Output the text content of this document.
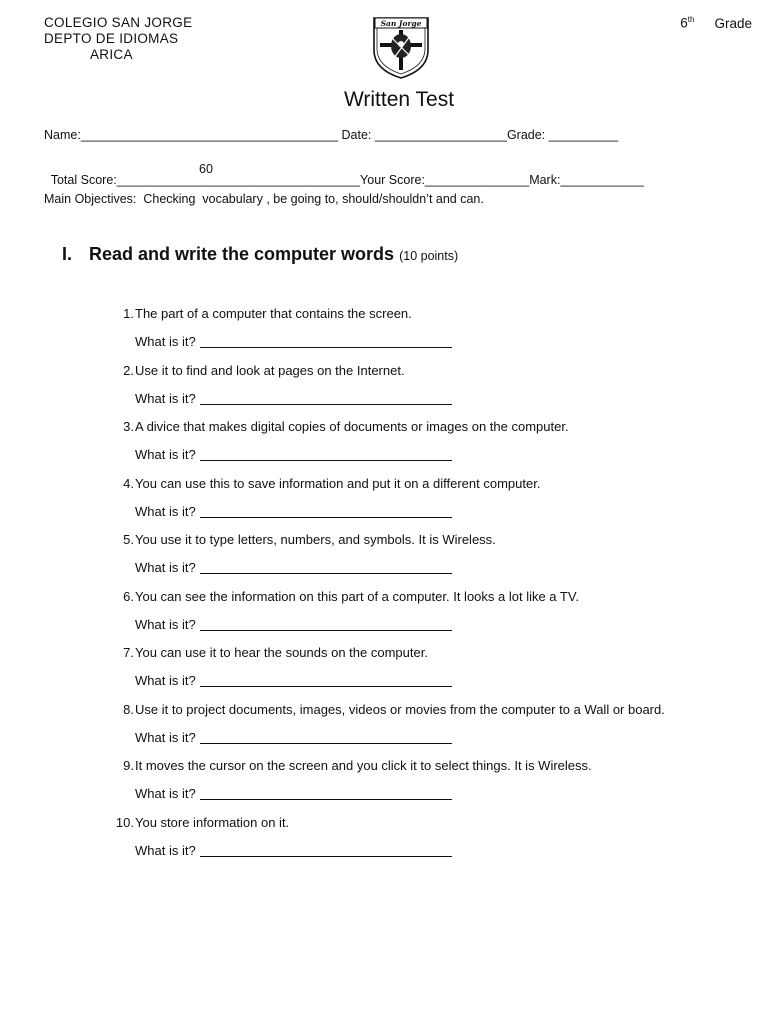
COLEGIO SAN JORGE
DEPTO DE IDIOMAS
ARICA
San Jorge	6th Grade
Written Test
Name:_____________________________________ Date: ___________________Grade: __________

Total Score:___________________________________Your Score:_______________Mark:____________

60

Main Objectives:  Checking  vocabulary , be going to, should/shouldn’t and can.
I. Read and write the computer words (10 points)
1. The part of a computer that contains the screen.
What is it?
2. Use it to find and look at pages on the Internet.
What is it?
3. A divice that makes digital copies of documents or images on the computer.
What is it?
4. You can use this to save information and put it on a different computer.
What is it?
5. You use it to type letters, numbers, and symbols. It is Wireless.
What is it?
6. You can see the information on this part of a computer. It looks a lot like a TV.
What is it?
7. You can use it to hear the sounds on the computer.
What is it?
8. Use it to project documents, images, videos or movies from the computer to a Wall or board.
What is it?
9. It moves the cursor on the screen and you click it to select things. It is Wireless.
What is it?
10. You store information on it.
What is it?
